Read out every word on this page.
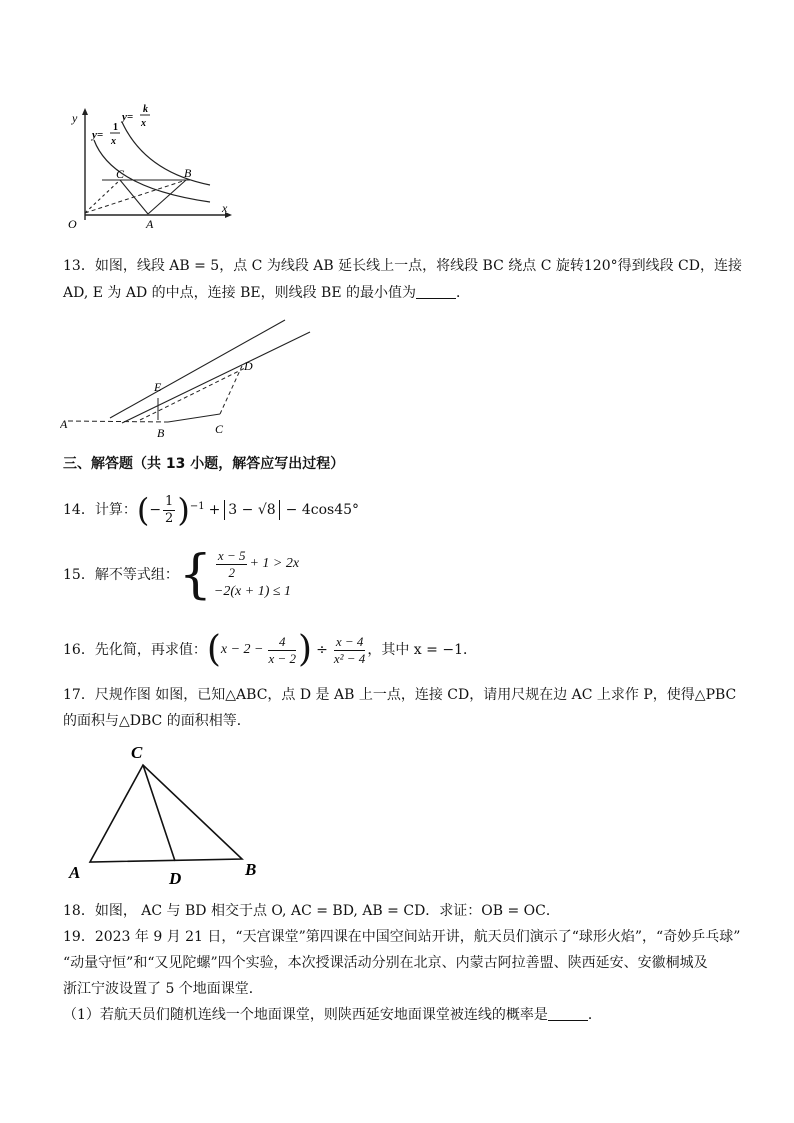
y
x
O
y=
1
x
y=
k
x
B
C
A
13．如图，线段 AB = 5，点 C 为线段 AB 延长线上一点，将线段 BC 绕点 C 旋转120°得到线段 CD，连接
AD, E 为 AD 的中点，连接 BE，则线段 BE 的最小值为	．
A
E
B	C
D
三、解答题（共 13 小题，解答应写出过程）
14．计算： ( − $\frac{1}{2} )^{-1} + 3 - √8 - 4\cos 45^\circ$
15．解不等式组： { $\frac{x - 5}{2} + 1 > 2x$
−2(x + 1) ≤ 1
16．先化简，再求值： ( $x - 2 - \frac{4}{x - 2}$ ) ÷ $\frac{x - 4}{\text{x² − 4}}$ ，其中 x = −1．
17．尺规作图 如图，已知△ABC，点 D 是 AB 上一点，连接 CD，请用尺规在边 AC 上求作 P，使得△PBC
的面积与△DBC 的面积相等．
C
A	D	B
18．如图， AC 与 BD 相交于点 O, AC = BD, AB = CD．求证：OB = OC．
19．2023 年 9 月 21 日，“天宫课堂”第四课在中国空间站开讲，航天员们演示了“球形火焰”，“奇妙乒乓球”
“动量守恒”和“又见陀螺”四个实验，本次授课活动分别在北京、内蒙古阿拉善盟、陕西延安、安徽桐城及
浙江宁波设置了 5 个地面课堂．
（1）若航天员们随机连线一个地面课堂，则陕西延安地面课堂被连线的概率是	．
